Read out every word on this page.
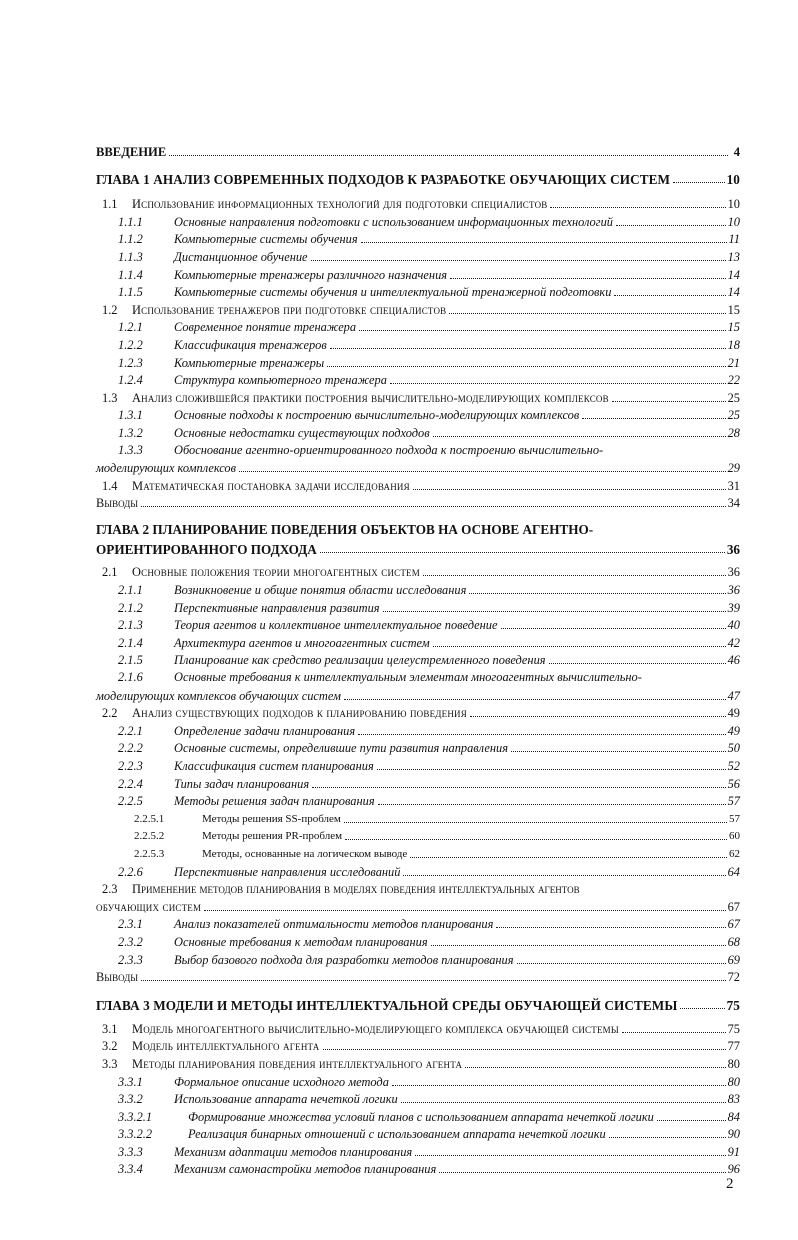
ВВЕДЕНИЕ	4
ГЛАВА 1 АНАЛИЗ СОВРЕМЕННЫХ ПОДХОДОВ К РАЗРАБОТКЕ ОБУЧАЮЩИХ СИСТЕМ	10
1.1	Использование информационных технологий для подготовки специалистов	10
1.1.1	Основные направления подготовки с использованием информационных технологий	10
1.1.2	Компьютерные системы обучения	11
1.1.3	Дистанционное обучение	13
1.1.4	Компьютерные тренажеры различного назначения	14
1.1.5	Компьютерные системы обучения и интеллектуальной тренажерной подготовки	14
1.2	Использование тренажеров при подготовке специалистов	15
1.2.1	Современное понятие тренажера	15
1.2.2	Классификация тренажеров	18
1.2.3	Компьютерные тренажеры	21
1.2.4	Структура компьютерного тренажера	22
1.3	Анализ сложившейся практики построения вычислительно-моделирующих комплексов	25
1.3.1	Основные подходы к построению вычислительно-моделирующих комплексов	25
1.3.2	Основные недостатки существующих подходов	28
1.3.3	Обоснование агентно-ориентированного подхода к построению вычислительно-
моделирующих комплексов	29
1.4	Математическая постановка задачи исследования	31
Выводы	34
ГЛАВА 2 ПЛАНИРОВАНИЕ ПОВЕДЕНИЯ ОБЪЕКТОВ НА ОСНОВЕ АГЕНТНО-
ОРИЕНТИРОВАННОГО ПОДХОДА	36
2.1	Основные положения теории многоагентных систем	36
2.1.1	Возникновение и общие понятия области исследования	36
2.1.2	Перспективные направления развития	39
2.1.3	Теория агентов и коллективное интеллектуальное поведение	40
2.1.4	Архитектура агентов и многоагентных систем	42
2.1.5	Планирование как средство реализации целеустремленного поведения	46
2.1.6	Основные требования к интеллектуальным элементам многоагентных вычислительно-
моделирующих комплексов обучающих систем	47
2.2	Анализ существующих подходов к планированию поведения	49
2.2.1	Определение задачи планирования	49
2.2.2	Основные системы, определившие пути развития направления	50
2.2.3	Классификация систем планирования	52
2.2.4	Типы задач планирования	56
2.2.5	Методы решения задач планирования	57
2.2.5.1	Методы решения SS-проблем	57
2.2.5.2	Методы решения PR-проблем	60
2.2.5.3	Методы, основанные на логическом выводе	62
2.2.6	Перспективные направления исследований	64
2.3 Применение методов планирования в моделях поведения интеллектуальных агентов
обучающих систем	67
2.3.1	Анализ показателей оптимальности методов планирования	67
2.3.2	Основные требования к методам планирования	68
2.3.3	Выбор базового подхода для разработки методов планирования	69
Выводы	72
ГЛАВА 3 МОДЕЛИ И МЕТОДЫ ИНТЕЛЛЕКТУАЛЬНОЙ СРЕДЫ ОБУЧАЮЩЕЙ СИСТЕМЫ	75
3.1	Модель многоагентного вычислительно-моделирующего комплекса обучающей системы	75
3.2	Модель интеллектуального агента	77
3.3	Методы планирования поведения интеллектуального агента	80
3.3.1	Формальное описание исходного метода	80
3.3.2	Использование аппарата нечеткой логики	83
3.3.2.1	Формирование множества условий планов с использованием аппарата нечеткой логики	84
3.3.2.2	Реализация бинарных отношений с использованием аппарата нечеткой логики	90
3.3.3	Механизм адаптации методов планирования	91
3.3.4	Механизм самонастройки методов планирования	96
2
